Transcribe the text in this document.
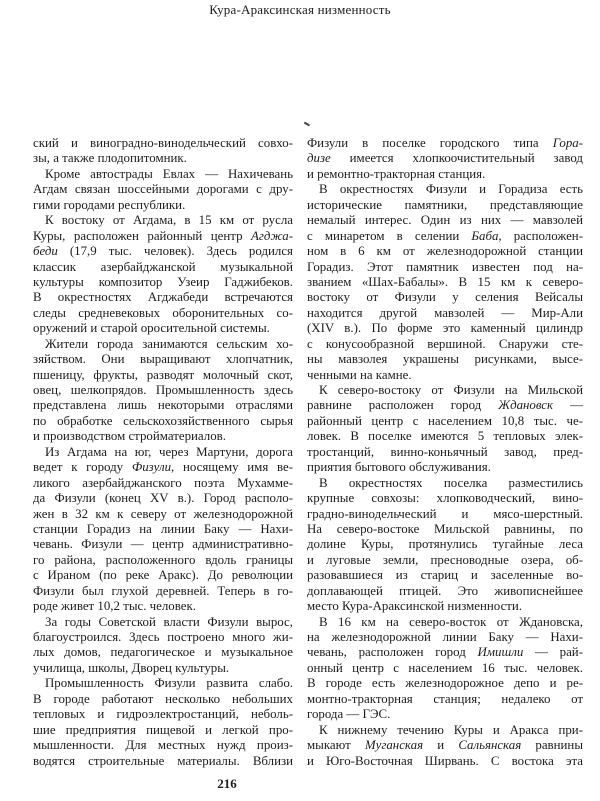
Кура-Араксинская низменность
ский и виноградно-винодельческий совхо-
зы, а также плодопитомник.
Кроме автострады Евлах — Нахичевань
Агдам связан шоссейными дорогами с дру-
гими городами республики.
К востоку от Агдама, в 15 км от русла
Куры, расположен районный центр Агджа-
беди (17,9 тыс. человек). Здесь родился
классик азербайджанской музыкальной
культуры композитор Узеир Гаджибеков.
В окрестностях Агджабеди встречаются
следы средневековых оборонительных со-
оружений и старой оросительной системы.
Жители города занимаются сельским хо-
зяйством. Они выращивают хлопчатник,
пшеницу, фрукты, разводят молочный скот,
овец, шелкопрядов. Промышленность здесь
представлена лишь некоторыми отраслями
по обработке сельскохозяйственного сырья
и производством стройматериалов.
Из Агдама на юг, через Мартуни, дорога
ведет к городу Физули, носящему имя ве-
ликого азербайджанского поэта Мухамме-
да Физули (конец XV в.). Город располо-
жен в 32 км к северу от железнодорожной
станции Горадиз на линии Баку — Нахи-
чевань. Физули — центр административно-
го района, расположенного вдоль границы
с Ираном (по реке Аракс). До революции
Физули был глухой деревней. Теперь в го-
роде живет 10,2 тыс. человек.
За годы Советской власти Физули вырос,
благоустроился. Здесь построено много жи-
лых домов, педагогическое и музыкальное
училища, школы, Дворец культуры.
Промышленность Физули развита слабо.
В городе работают несколько небольших
тепловых и гидроэлектростанций, неболь-
шие предприятия пищевой и легкой про-
мышленности. Для местных нужд произ-
водятся строительные материалы. Вблизи
Физули в поселке городского типа Гора-
дизе имеется хлопкоочистительный завод
и ремонтно-тракторная станция.
В окрестностях Физули и Горадиза есть
исторические памятники, представляющие
немалый интерес. Один из них — мавзолей
с минаретом в селении Баба, расположен-
ном в 6 км от железнодорожной станции
Горадиз. Этот памятник известен под на-
званием «Шах-Бабалы». В 15 км к северо-
востоку от Физули у селения Вейсалы
находится другой мавзолей — Мир-Али
(XIV в.). По форме это каменный цилиндр
с конусообразной вершиной. Снаружи сте-
ны мавзолея украшены рисунками, высе-
ченными на камне.
К северо-востоку от Физули на Мильской
равнине расположен город Ждановск —
районный центр с населением 10,8 тыс. че-
ловек. В поселке имеются 5 тепловых элек-
тростанций, винно-коньячный завод, пред-
приятия бытового обслуживания.
В окрестностях поселка разместились
крупные совхозы: хлопководческий, вино-
градно-винодельческий и мясо-шерстный.
На северо-востоке Мильской равнины, по
долине Куры, протянулись тугайные леса
и луговые земли, пресноводные озера, об-
разовавшиеся из стариц и заселенные во-
доплавающей птицей. Это живописнейшее
место Кура-Араксинской низменности.
В 16 км на северо-восток от Ждановска,
на железнодорожной линии Баку — Нахи-
чевань, расположен город Имишли — рай-
онный центр с населением 16 тыс. человек.
В городе есть железнодорожное депо и ре-
монтно-тракторная станция; недалеко от
города — ГЭС.
К нижнему течению Куры и Аракса при-
мыкают Муганская и Сальянская равнины
и Юго-Восточная Ширвань. С востока эта
216
